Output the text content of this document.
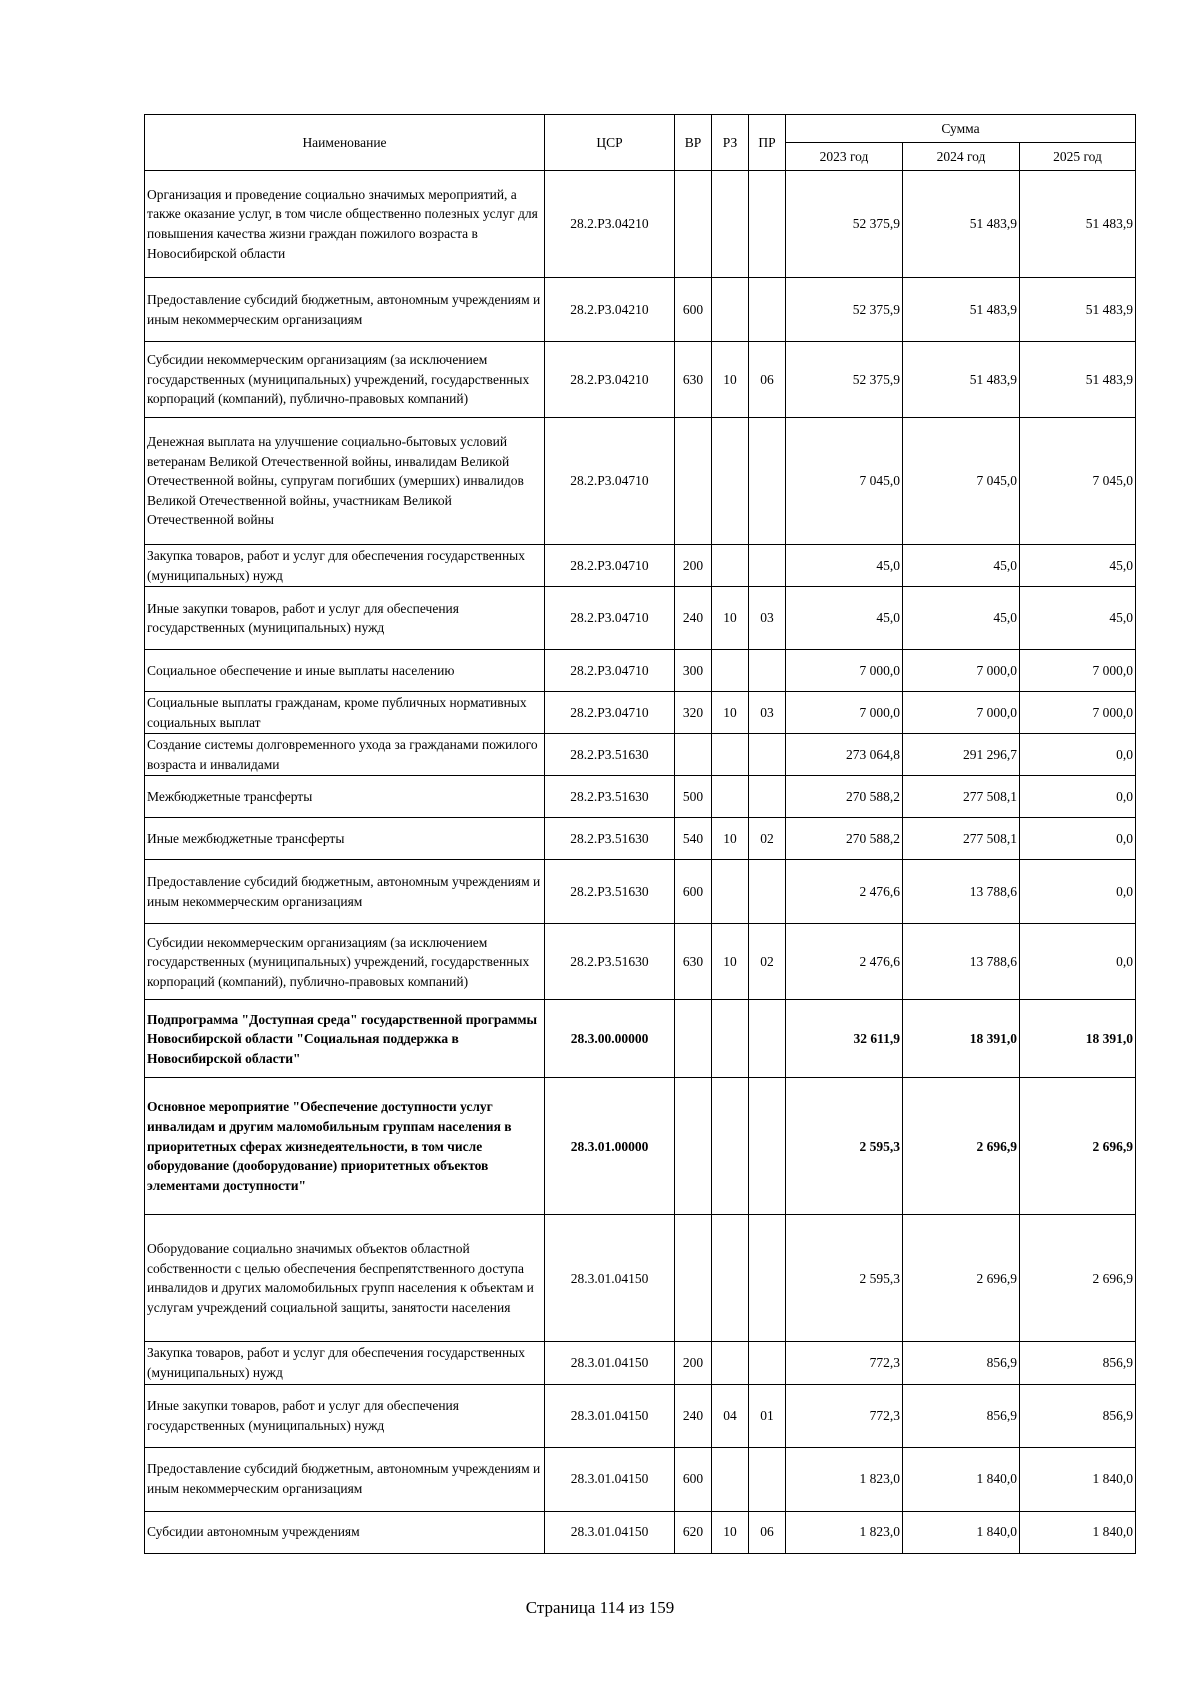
Наименование	ЦСР	ВР	РЗ	ПР	Сумма		
					2023 год	2024 год	2025 год
Организация и проведение социально значимых мероприятий, а также оказание услуг, в том числе общественно полезных услуг для повышения качества жизни граждан пожилого возраста в Новосибирской области	28.2.Р3.04210				52 375,9	51 483,9	51 483,9
Предоставление субсидий бюджетным, автономным учреждениям и иным некоммерческим организациям	28.2.Р3.04210	600			52 375,9	51 483,9	51 483,9
Субсидии некоммерческим организациям (за исключением государственных (муниципальных) учреждений, государственных корпораций (компаний), публично-правовых компаний)	28.2.Р3.04210	630	10	06	52 375,9	51 483,9	51 483,9
Денежная выплата на улучшение социально-бытовых условий ветеранам Великой Отечественной войны, инвалидам Великой Отечественной войны, супругам погибших (умерших) инвалидов Великой Отечественной войны, участникам Великой Отечественной войны	28.2.Р3.04710				7 045,0	7 045,0	7 045,0
Закупка товаров, работ и услуг для обеспечения государственных (муниципальных) нужд	28.2.Р3.04710	200			45,0	45,0	45,0
Иные закупки товаров, работ и услуг для обеспечения государственных (муниципальных) нужд	28.2.Р3.04710	240	10	03	45,0	45,0	45,0
Социальное обеспечение и иные выплаты населению	28.2.Р3.04710	300			7 000,0	7 000,0	7 000,0
Социальные выплаты гражданам, кроме публичных нормативных социальных выплат	28.2.Р3.04710	320	10	03	7 000,0	7 000,0	7 000,0
Создание системы долговременного ухода за гражданами пожилого возраста и инвалидами	28.2.Р3.51630				273 064,8	291 296,7	0,0
Межбюджетные трансферты	28.2.Р3.51630	500			270 588,2	277 508,1	0,0
Иные межбюджетные трансферты	28.2.Р3.51630	540	10	02	270 588,2	277 508,1	0,0
Предоставление субсидий бюджетным, автономным учреждениям и иным некоммерческим организациям	28.2.Р3.51630	600			2 476,6	13 788,6	0,0
Субсидии некоммерческим организациям (за исключением государственных (муниципальных) учреждений, государственных корпораций (компаний), публично-правовых компаний)	28.2.Р3.51630	630	10	02	2 476,6	13 788,6	0,0
Подпрограмма "Доступная среда" государственной программы Новосибирской области "Социальная поддержка в Новосибирской области"	28.3.00.00000				32 611,9	18 391,0	18 391,0
Основное мероприятие "Обеспечение доступности услуг инвалидам и другим маломобильным группам населения в приоритетных сферах жизнедеятельности, в том числе оборудование (дооборудование) приоритетных объектов элементами доступности"	28.3.01.00000				2 595,3	2 696,9	2 696,9
Оборудование социально значимых объектов областной собственности с целью обеспечения беспрепятственного доступа инвалидов и других маломобильных групп населения к объектам и услугам учреждений социальной защиты, занятости населения	28.3.01.04150				2 595,3	2 696,9	2 696,9
Закупка товаров, работ и услуг для обеспечения государственных (муниципальных) нужд	28.3.01.04150	200			772,3	856,9	856,9
Иные закупки товаров, работ и услуг для обеспечения государственных (муниципальных) нужд	28.3.01.04150	240	04	01	772,3	856,9	856,9
Предоставление субсидий бюджетным, автономным учреждениям и иным некоммерческим организациям	28.3.01.04150	600			1 823,0	1 840,0	1 840,0
Субсидии автономным учреждениям	28.3.01.04150	620	10	06	1 823,0	1 840,0	1 840,0
Страница 114 из 159
